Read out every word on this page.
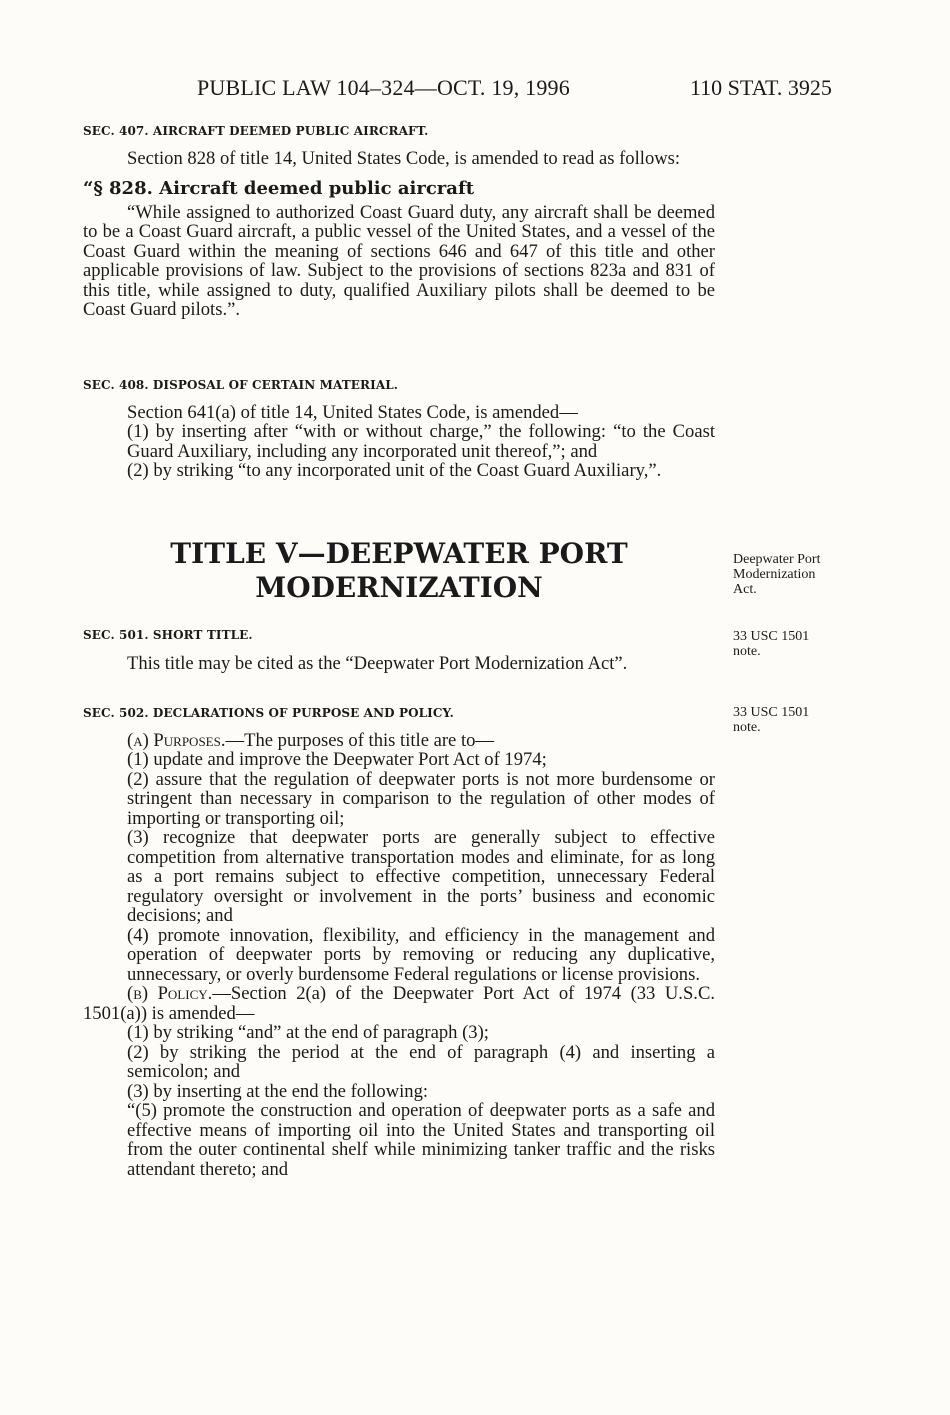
PUBLIC LAW 104–324—OCT. 19, 1996	110 STAT. 3925

SEC. 407. AIRCRAFT DEEMED PUBLIC AIRCRAFT.

Section 828 of title 14, United States Code, is amended to read as follows:

“§ 828. Aircraft deemed public aircraft

“While assigned to authorized Coast Guard duty, any aircraft shall be deemed to be a Coast Guard aircraft, a public vessel of the United States, and a vessel of the Coast Guard within the meaning of sections 646 and 647 of this title and other applicable provisions of law. Subject to the provisions of sections 823a and 831 of this title, while assigned to duty, qualified Auxiliary pilots shall be deemed to be Coast Guard pilots.”.

SEC. 408. DISPOSAL OF CERTAIN MATERIAL.

Section 641(a) of title 14, United States Code, is amended—

(1) by inserting after “with or without charge,” the following: “to the Coast Guard Auxiliary, including any incorporated unit thereof,”; and

(2) by striking “to any incorporated unit of the Coast Guard Auxiliary,”.

TITLE V—DEEPWATER PORT
MODERNIZATION
Deepwater Port
Modernization
Act.
33 USC 1501
note.
33 USC 1501
note.

SEC. 501. SHORT TITLE.

This title may be cited as the “Deepwater Port Modernization Act”.

SEC. 502. DECLARATIONS OF PURPOSE AND POLICY.

(a) Purposes.—The purposes of this title are to—

(1) update and improve the Deepwater Port Act of 1974;

(2) assure that the regulation of deepwater ports is not more burdensome or stringent than necessary in comparison to the regulation of other modes of importing or transporting oil;

(3) recognize that deepwater ports are generally subject to effective competition from alternative transportation modes and eliminate, for as long as a port remains subject to effective competition, unnecessary Federal regulatory oversight or involvement in the ports’ business and economic decisions; and

(4) promote innovation, flexibility, and efficiency in the management and operation of deepwater ports by removing or reducing any duplicative, unnecessary, or overly burdensome Federal regulations or license provisions.

(b) Policy.—Section 2(a) of the Deepwater Port Act of 1974 (33 U.S.C. 1501(a)) is amended—

(1) by striking “and” at the end of paragraph (3);

(2) by striking the period at the end of paragraph (4) and inserting a semicolon; and

(3) by inserting at the end the following:

“(5) promote the construction and operation of deepwater ports as a safe and effective means of importing oil into the United States and transporting oil from the outer continental shelf while minimizing tanker traffic and the risks attendant thereto; and
